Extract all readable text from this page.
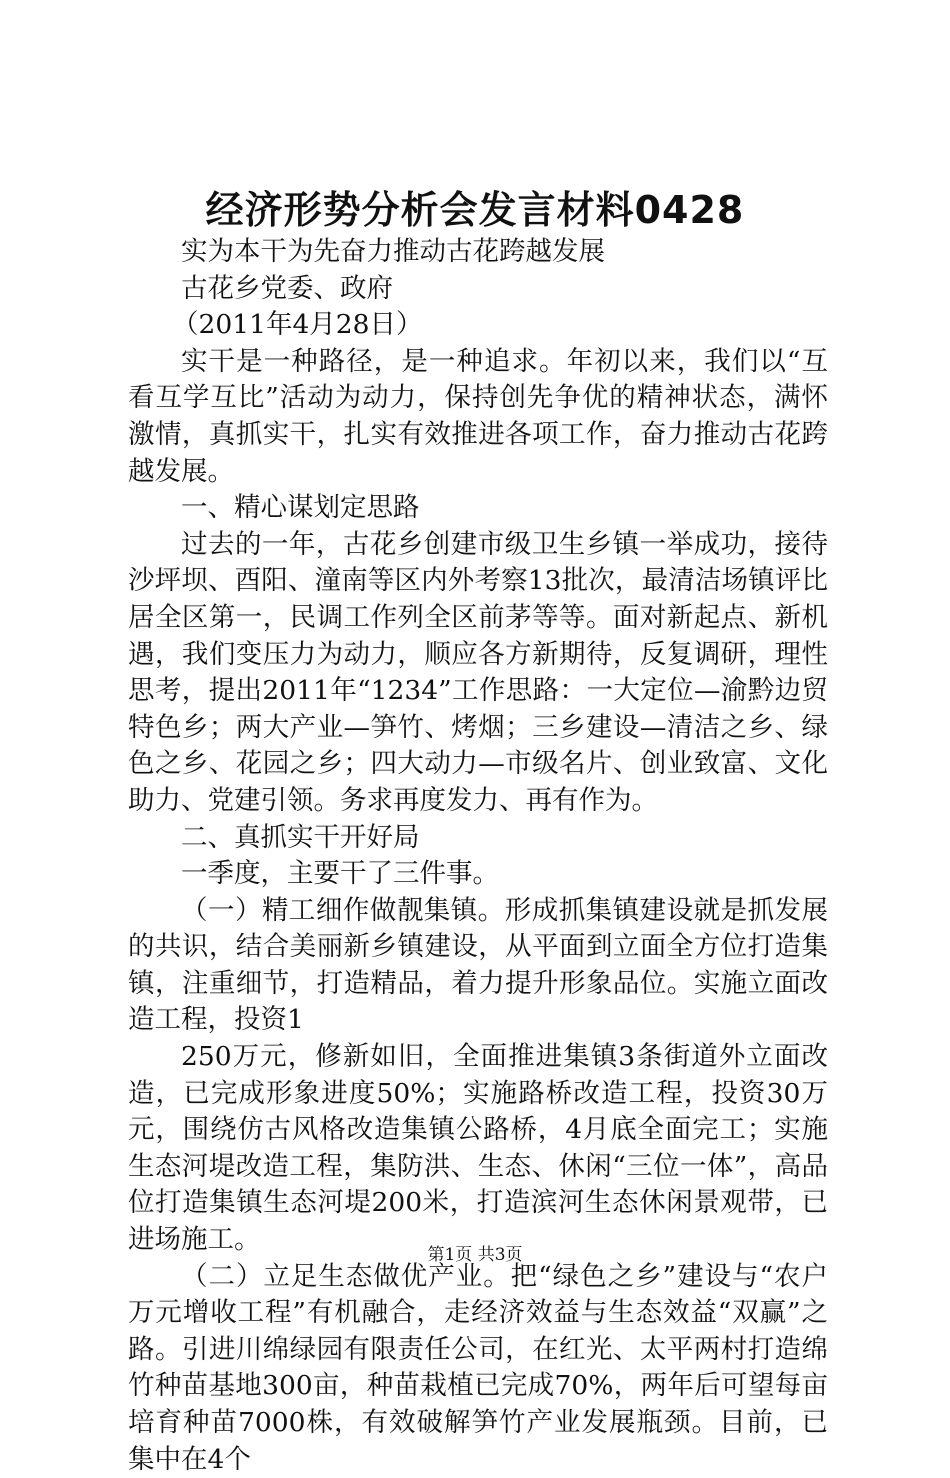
经济形势分析会发言材料0428

实为本干为先奋力推动古花跨越发展

古花乡党委、政府

（2011年4月28日）

实干是一种路径，是一种追求。年初以来，我们以“互看互学互比”活动为动力，保持创先争优的精神状态，满怀激情，真抓实干，扎实有效推进各项工作，奋力推动古花跨越发展。

一、精心谋划定思路

过去的一年，古花乡创建市级卫生乡镇一举成功，接待沙坪坝、酉阳、潼南等区内外考察13批次，最清洁场镇评比居全区第一，民调工作列全区前茅等等。面对新起点、新机遇，我们变压力为动力，顺应各方新期待，反复调研，理性思考，提出2011年“1234”工作思路：一大定位—渝黔边贸特色乡；两大产业—笋竹、烤烟；三乡建设—清洁之乡、绿色之乡、花园之乡；四大动力—市级名片、创业致富、文化助力、党建引领。务求再度发力、再有作为。

二、真抓实干开好局

一季度，主要干了三件事。

（一）精工细作做靓集镇。形成抓集镇建设就是抓发展的共识，结合美丽新乡镇建设，从平面到立面全方位打造集镇，注重细节，打造精品，着力提升形象品位。实施立面改造工程，投资1

250万元，修新如旧，全面推进集镇3条街道外立面改造，已完成形象进度50%；实施路桥改造工程，投资30万元，围绕仿古风格改造集镇公路桥，4月底全面完工；实施生态河堤改造工程，集防洪、生态、休闲“三位一体”，高品位打造集镇生态河堤200米，打造滨河生态休闲景观带，已进场施工。

（二）立足生态做优产业。把“绿色之乡”建设与“农户万元增收工程”有机融合，走经济效益与生态效益“双赢”之路。引进川绵绿园有限责任公司，在红光、太平两村打造绵竹种苗基地300亩，种苗栽植已完成70%，两年后可望每亩培育种苗7000株，有效破解笋竹产业发展瓶颈。目前，已集中在4个

第1页 共3页
